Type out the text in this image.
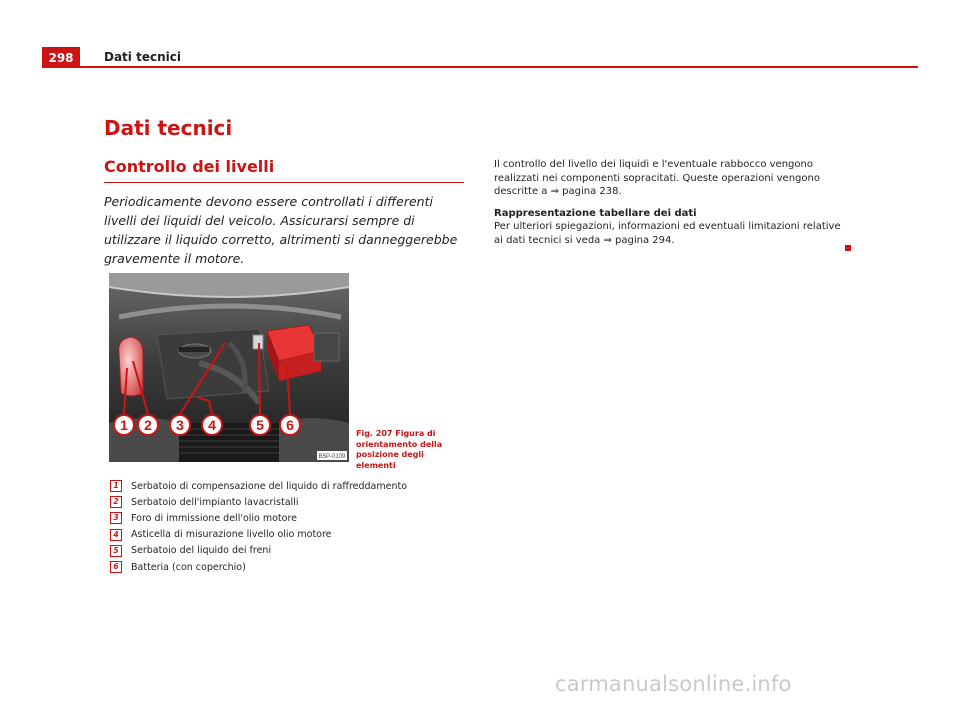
298	Dati tecnici
Dati tecnici
Controllo dei livelli
Periodicamente devono essere controllati i differenti livelli dei liquidi del veicolo. Assicurarsi sempre di utilizzare il liquido corretto, altrimenti si danneggerebbe gravemente il motore.
1 2 3 4	5 6
B5P-0109
Fig. 207 Figura di orientamento della posizione degli elementi
1	Serbatoio di compensazione del liquido di raffreddamento
2	Serbatoio dell'impianto lavacristalli
3	Foro di immissione dell'olio motore
4	Asticella di misurazione livello olio motore
5	Serbatoio del liquido dei freni
6	Batteria (con coperchio)

Il controllo del livello dei liquidi e l'eventuale rabbocco vengono realizzati nei componenti sopracitati. Queste operazioni vengono descritte a ⇒ pagina 238.

Rappresentazione tabellare dei dati

Per ulteriori spiegazioni, informazioni ed eventuali limitazioni relative ai dati tecnici si veda ⇒ pagina 294.

carmanualsonline.info
